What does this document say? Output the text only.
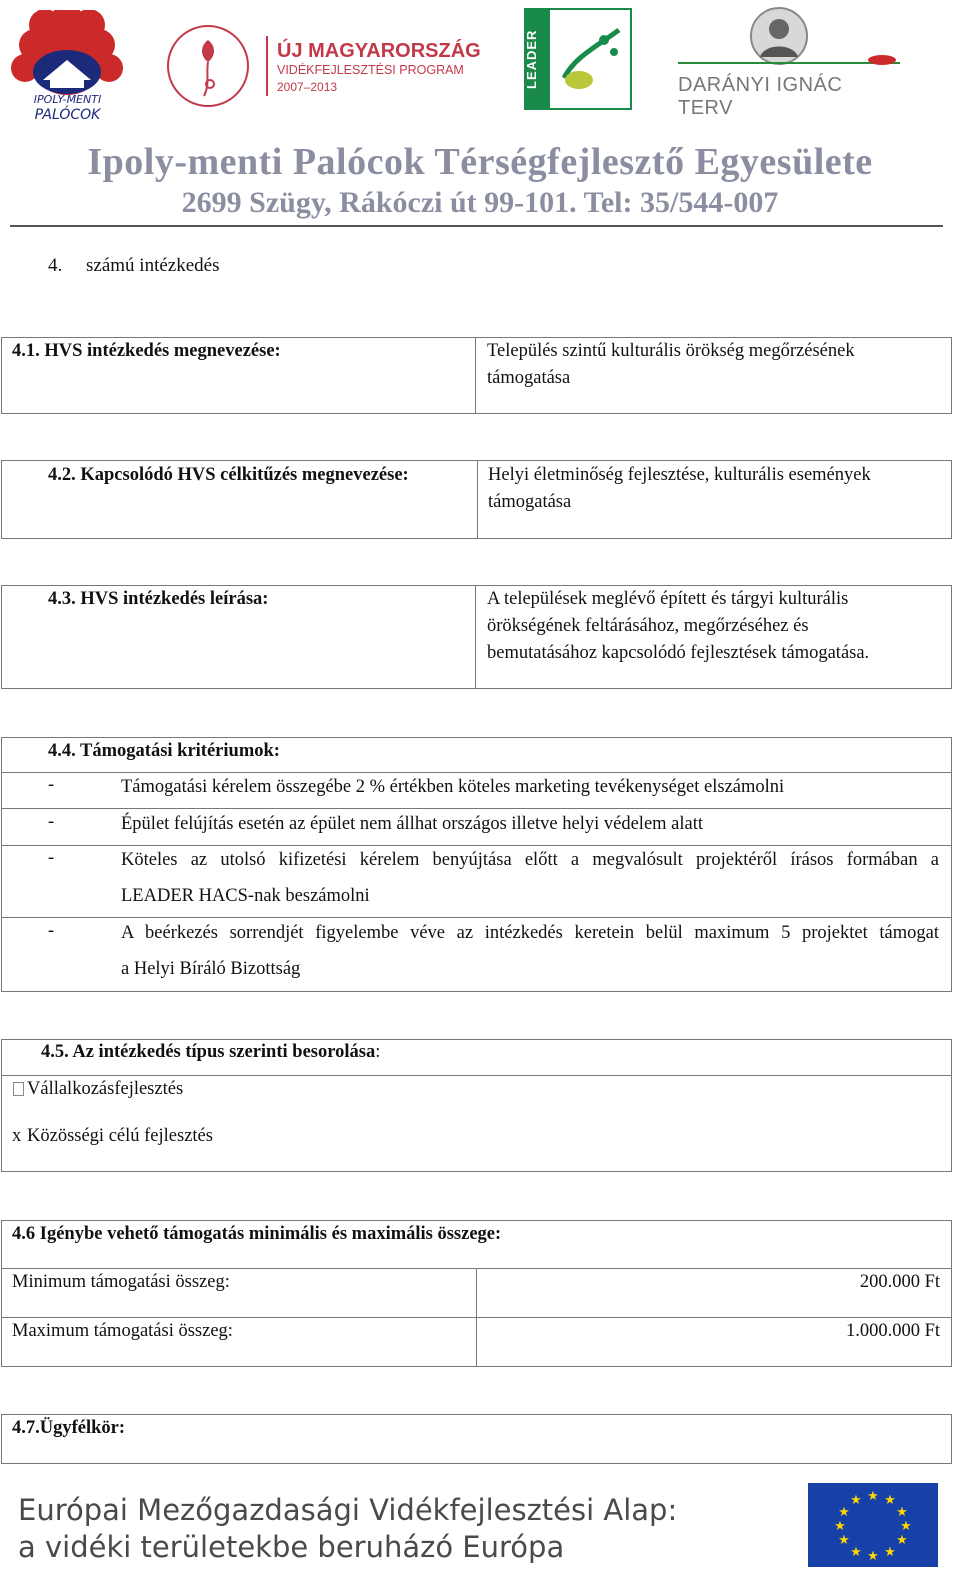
IPOLY-MENTI
PALÓCOK
ÚJ MAGYARORSZÁG
VIDÉKFEJLESZTÉSI PROGRAM
2007–2013	LEADER	DARÁNYI IGNÁC TERV
Ipoly-menti Palócok Térségfejlesztő Egyesülete
2699 Szügy, Rákóczi út 99-101. Tel: 35/544-007
4. számú intézkedés
4.1. HVS intézkedés megnevezése:	Település szintű kulturális örökség megőrzésének
támogatása
4.2. Kapcsolódó HVS célkitűzés megnevezése:	Helyi életminőség fejlesztése, kulturális események
támogatása
4.3. HVS intézkedés leírása:	A települések meglévő épített és tárgyi kulturális
örökségének feltárásához, megőrzéséhez és
bemutatásához kapcsolódó fejlesztések támogatása.
4.4. Támogatási kritériumok:
-	Támogatási kérelem összegébe 2 % értékben köteles marketing tevékenységet elszámolni
-	Épület felújítás esetén az épület nem állhat országos illetve helyi védelem alatt
-	Köteles az utolsó kifizetési kérelem benyújtása előtt a megvalósult projektéről írásos formában a
LEADER HACS-nak beszámolni
-	A beérkezés sorrendjét figyelembe véve az intézkedés keretein belül maximum 5 projektet támogat
a Helyi Bíráló Bizottság
4.5. Az intézkedés típus szerinti besorolása:
Vállalkozásfejlesztés
x Közösségi célú fejlesztés
4.6 Igénybe vehető támogatás minimális és maximális összege:
Minimum támogatási összeg:	200.000 Ft
Maximum támogatási összeg:	1.000.000 Ft
4.7.Ügyfélkör:
Európai Mezőgazdasági Vidékfejlesztési Alap:
a vidéki területekbe beruházó Európa
★ ★
★
★
★
★
★
★
★
★
★
★
